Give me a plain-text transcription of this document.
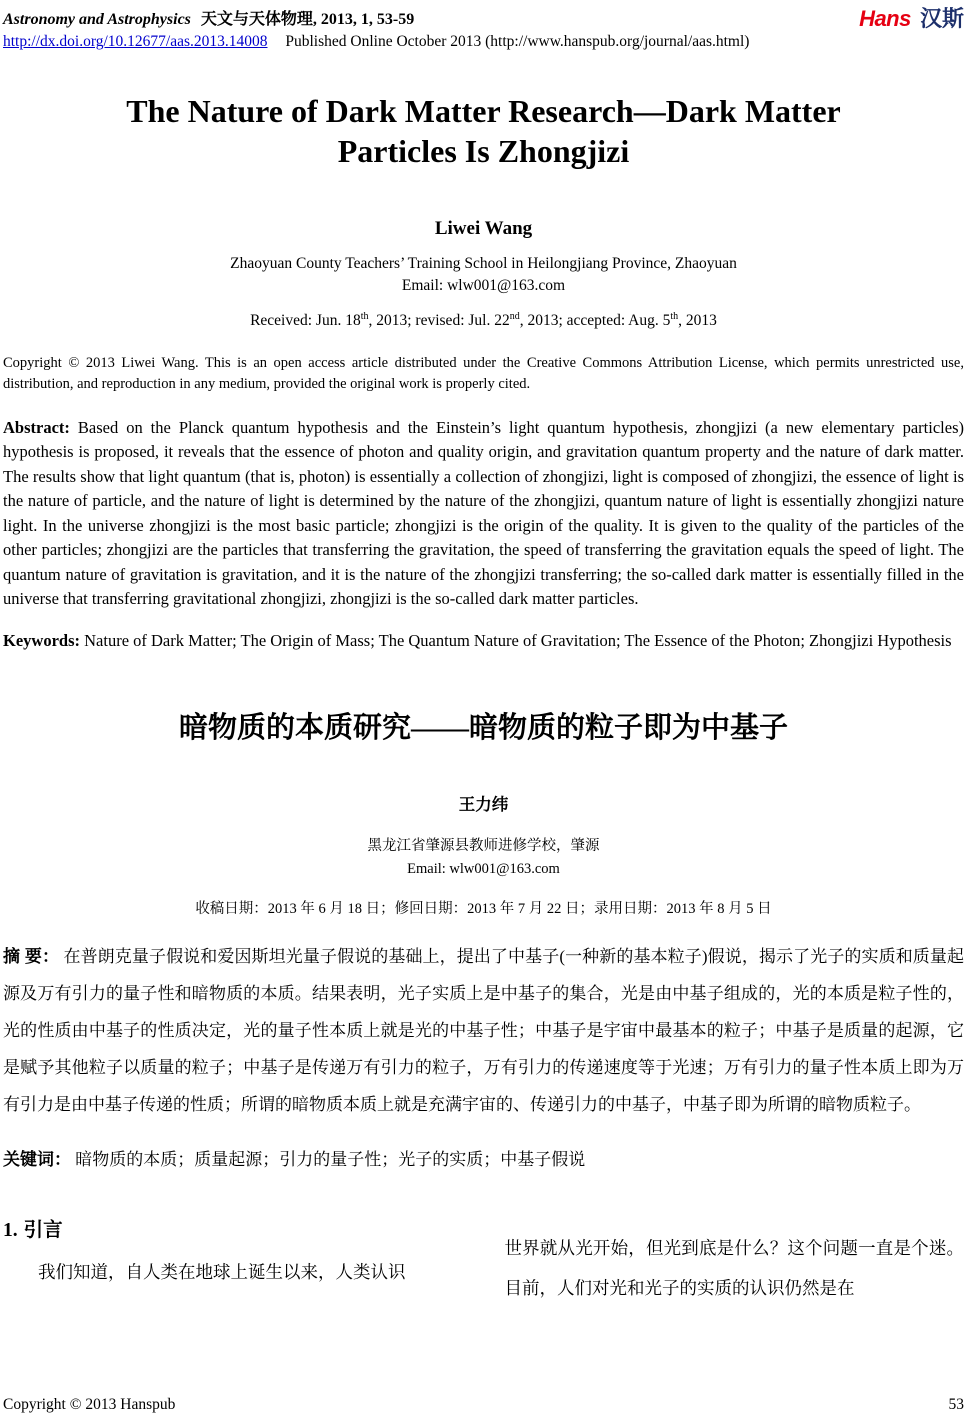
Astronomy and Astrophysics 天文与天体物理, 2013, 1, 53-59
http://dx.doi.org/10.12677/aas.2013.14008 Published Online October 2013 (http://www.hanspub.org/journal/aas.html)
Hans 汉斯
The Nature of Dark Matter Research—Dark Matter
Particles Is Zhongjizi
Liwei Wang
Zhaoyuan County Teachers’ Training School in Heilongjiang Province, Zhaoyuan
Email: wlw001@163.com
Received: Jun. 18th, 2013; revised: Jul. 22nd, 2013; accepted: Aug. 5th, 2013

Copyright © 2013 Liwei Wang. This is an open access article distributed under the Creative Commons Attribution License, which permits unrestricted use, distribution, and reproduction in any medium, provided the original work is properly cited.

Abstract: Based on the Planck quantum hypothesis and the Einstein’s light quantum hypothesis, zhongjizi (a new elementary particles) hypothesis is proposed, it reveals that the essence of photon and quality origin, and gravitation quantum property and the nature of dark matter. The results show that light quantum (that is, photon) is essentially a collection of zhongjizi, light is composed of zhongjizi, the essence of light is the nature of particle, and the nature of light is determined by the nature of the zhongjizi, quantum nature of light is essentially zhongjizi nature light. In the universe zhongjizi is the most basic particle; zhongjizi is the origin of the quality. It is given to the quality of the particles of the other particles; zhongjizi are the particles that transferring the gravitation, the speed of transferring the gravitation equals the speed of light. The quantum nature of gravitation is gravitation, and it is the nature of the zhongjizi transferring; the so-called dark matter is essentially filled in the universe that transferring gravitational zhongjizi, zhongjizi is the so-called dark matter particles.

Keywords: Nature of Dark Matter; The Origin of Mass; The Quantum Nature of Gravitation; The Essence of the Photon; Zhongjizi Hypothesis

暗物质的本质研究——暗物质的粒子即为中基子
王力纬
黑龙江省肇源县教师进修学校，肇源
Email: wlw001@163.com
收稿日期：2013 年 6 月 18 日；修回日期：2013 年 7 月 22 日；录用日期：2013 年 8 月 5 日

摘 要： 在普朗克量子假说和爱因斯坦光量子假说的基础上，提出了中基子(一种新的基本粒子)假说，揭示了光子的实质和质量起源及万有引力的量子性和暗物质的本质。结果表明，光子实质上是中基子的集合，光是由中基子组成的，光的本质是粒子性的，光的性质由中基子的性质决定，光的量子性本质上就是光的中基子性；中基子是宇宙中最基本的粒子；中基子是质量的起源，它是赋予其他粒子以质量的粒子；中基子是传递万有引力的粒子，万有引力的传递速度等于光速；万有引力的量子性本质上即为万有引力是由中基子传递的性质；所谓的暗物质本质上就是充满宇宙的、传递引力的中基子，中基子即为所谓的暗物质粒子。

关键词： 暗物质的本质；质量起源；引力的量子性；光子的实质；中基子假说

1. 引言

我们知道，自人类在地球上诞生以来，人类认识

世界就从光开始，但光到底是什么？这个问题一直是个迷。目前，人们对光和光子的实质的认识仍然是在

Copyright © 2013 Hanspub	53
